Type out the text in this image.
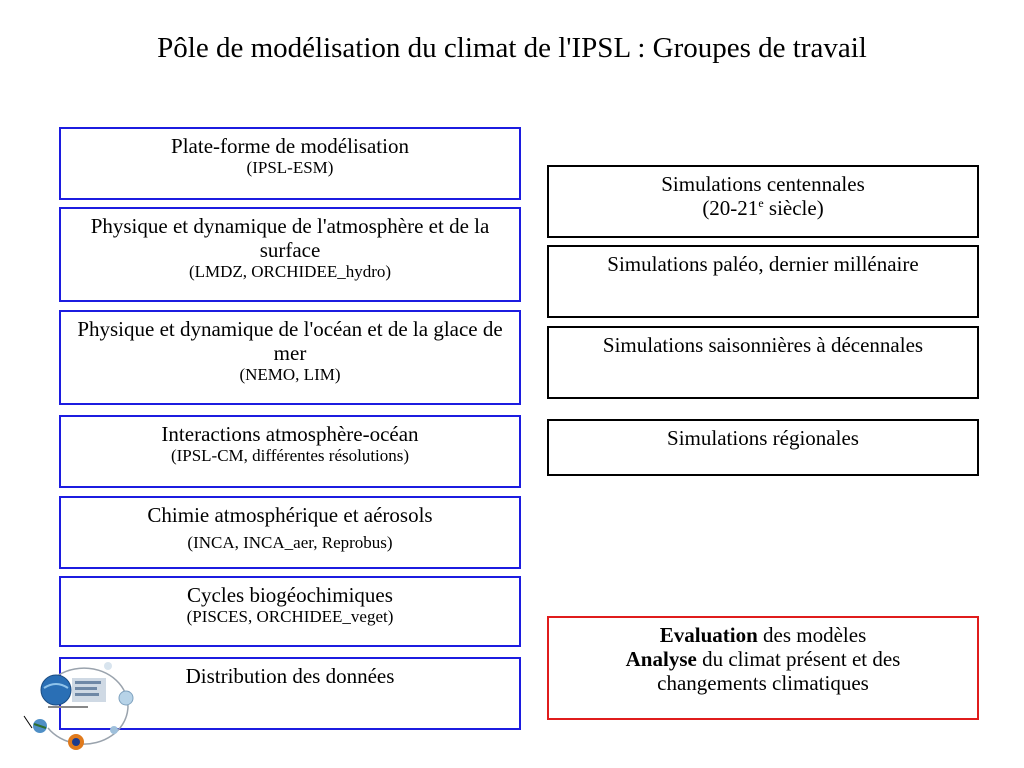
Pôle de modélisation du climat de l'IPSL : Groupes de travail
Plate-forme de modélisation
(IPSL-ESM)
Physique et dynamique de l'atmosphère et de la surface
(LMDZ, ORCHIDEE_hydro)
Physique et dynamique de l'océan et de la glace de mer
(NEMO, LIM)
Interactions atmosphère-océan
(IPSL-CM, différentes résolutions)
Chimie atmosphérique et aérosols
(INCA, INCA_aer, Reprobus)
Cycles biogéochimiques
(PISCES, ORCHIDEE_veget)
Distribution des données
Simulations centennales
(20-21e siècle)
Simulations paléo, dernier millénaire
Simulations saisonnières à décennales
Simulations régionales
Evaluation des modèles
Analyse du climat présent et des changements climatiques
